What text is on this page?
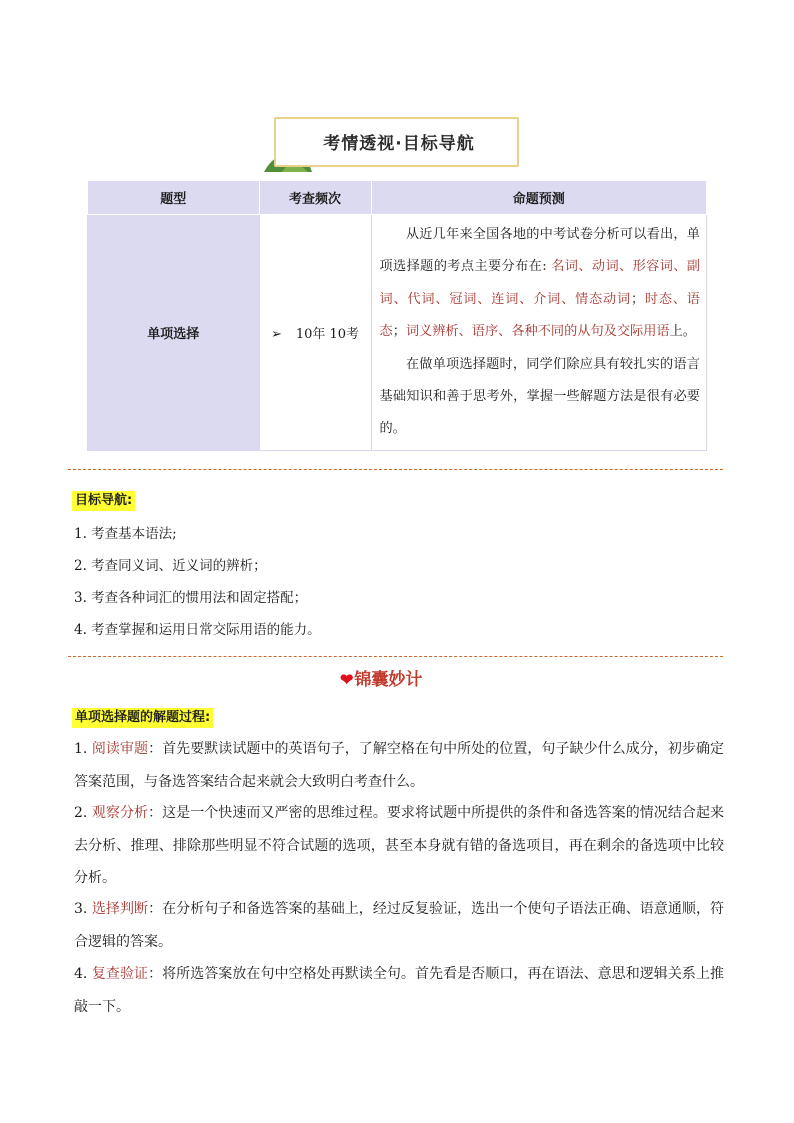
考情透视·目标导航
题型	考查频次	命题预测
单项选择	➢ 10年 10考	从近几年来全国各地的中考试卷分析可以看出，单项选择题的考点主要分布在: 名词、动词、形容词、副词、代词、冠词、连词、介词、情态动词；时态、语态；词义辨析、语序、各种不同的从句及交际用语上。
在做单项选择题时，同学们除应具有较扎实的语言基础知识和善于思考外，掌握一些解题方法是很有必要的。
目标导航:
1. 考查基本语法;
2. 考查同义词、近义词的辨析；
3. 考查各种词汇的惯用法和固定搭配；
4. 考查掌握和运用日常交际用语的能力。
❤锦囊妙计
单项选择题的解题过程:
1. 阅读审题：首先要默读试题中的英语句子，了解空格在句中所处的位置，句子缺少什么成分，初步确定答案范围，与备选答案结合起来就会大致明白考查什么。
2. 观察分析：这是一个快速而又严密的思维过程。要求将试题中所提供的条件和备选答案的情况结合起来去分析、推理、排除那些明显不符合试题的选项，甚至本身就有错的备选项目，再在剩余的备选项中比较分析。
3. 选择判断：在分析句子和备选答案的基础上，经过反复验证，选出一个使句子语法正确、语意通顺，符合逻辑的答案。
4. 复查验证：将所选答案放在句中空格处再默读全句。首先看是否顺口，再在语法、意思和逻辑关系上推敲一下。
